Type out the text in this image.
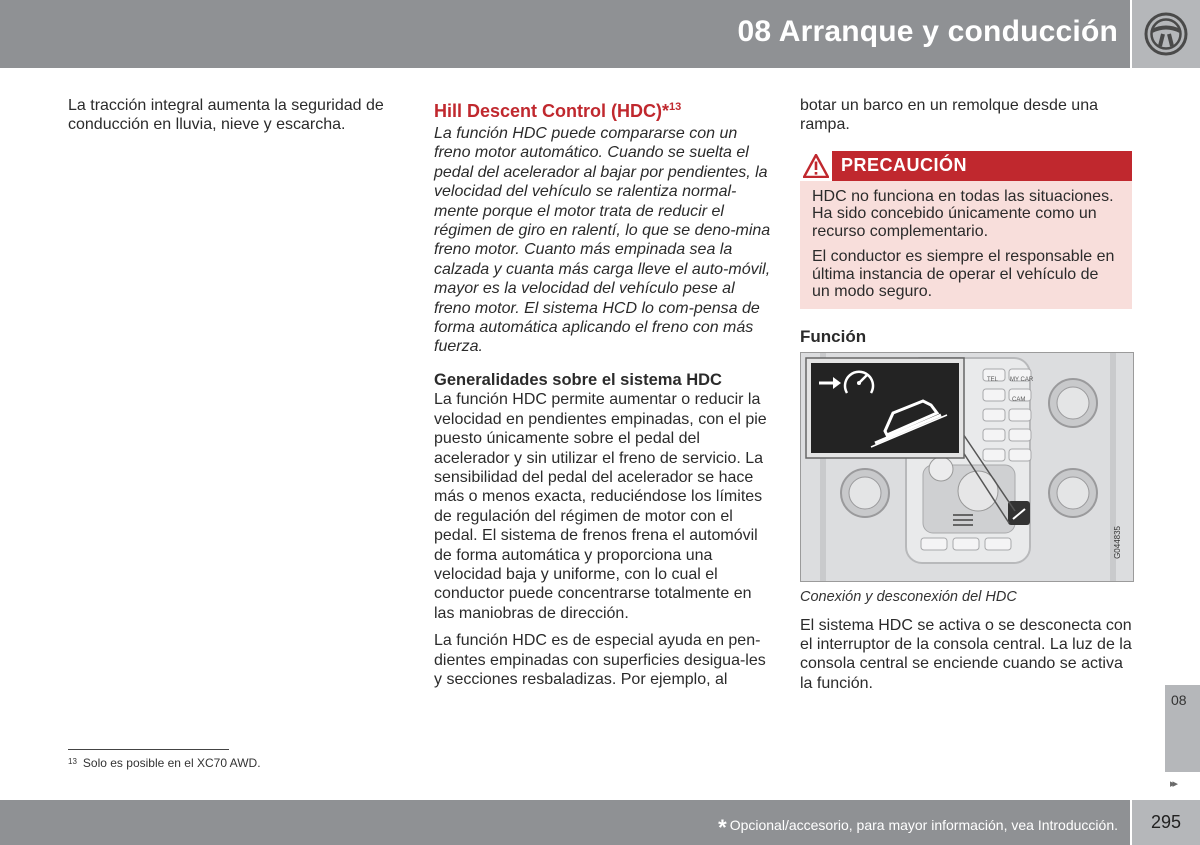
08 Arranque y conducción

La tracción integral aumenta la seguridad de conducción en lluvia, nieve y escarcha.

Hill Descent Control (HDC)*$^{13}$

La función HDC puede compararse con un freno motor automático. Cuando se suelta el pedal del acelerador al bajar por pendientes, la velocidad del vehículo se ralentiza normal-mente porque el motor trata de reducir el régimen de giro en ralentí, lo que se deno-mina freno motor. Cuanto más empinada sea la calzada y cuanta más carga lleve el auto-móvil, mayor es la velocidad del vehículo pese al freno motor. El sistema HCD lo com-pensa de forma automática aplicando el freno con más fuerza.

Generalidades sobre el sistema HDC

La función HDC permite aumentar o reducir la velocidad en pendientes empinadas, con el pie puesto únicamente sobre el pedal del acelerador y sin utilizar el freno de servicio. La sensibilidad del pedal del acelerador se hace más o menos exacta, reduciéndose los límites de regulación del régimen de motor con el pedal. El sistema de frenos frena el automóvil de forma automática y proporciona una velocidad baja y uniforme, con lo cual el conductor puede concentrarse totalmente en las maniobras de dirección.

La función HDC es de especial ayuda en pen-dientes empinadas con superficies desigua-les y secciones resbaladizas. Por ejemplo, al

botar un barco en un remolque desde una rampa.

PRECAUCIÓN

HDC no funciona en todas las situaciones. Ha sido concebido únicamente como un recurso complementario.

El conductor es siempre el responsable en última instancia de operar el vehículo de un modo seguro.

Función
G044835
TEL MY CAR
CAM

Conexión y desconexión del HDC

El sistema HDC se activa o se desconecta con el interruptor de la consola central. La luz de la consola central se enciende cuando se activa la función.

$^{13}$ Solo es posible en el XC70 AWD.
08
▸▸
* Opcional/accesorio, para mayor información, vea Introducción.	295
